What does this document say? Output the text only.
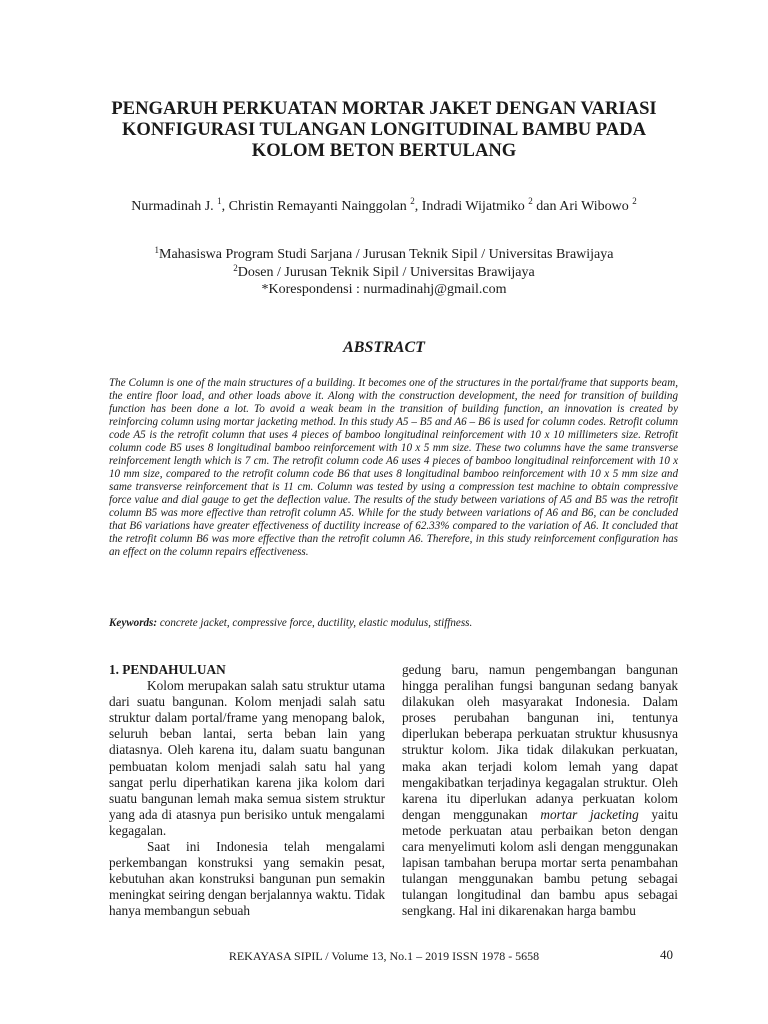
PENGARUH PERKUATAN MORTAR JAKET DENGAN VARIASI
KONFIGURASI TULANGAN LONGITUDINAL BAMBU PADA
KOLOM BETON BERTULANG
Nurmadinah J. $^1$, Christin Remayanti Nainggolan $^2$, Indradi Wijatmiko $^2$ dan Ari Wibowo $^2$
$^1$Mahasiswa Program Studi Sarjana / Jurusan Teknik Sipil / Universitas Brawijaya
$^2$Dosen / Jurusan Teknik Sipil / Universitas Brawijaya
*Korespondensi : nurmadinahj@gmail.com
ABSTRACT

The Column is one of the main structures of a building. It becomes one of the structures in the portal/frame that supports beam, the entire floor load, and other loads above it. Along with the construction development, the need for transition of building function has been done a lot. To avoid a weak beam in the transition of building function, an innovation is created by reinforcing column using mortar jacketing method. In this study A5 – B5 and A6 – B6 is used for column codes. Retrofit column code A5 is the retrofit column that uses 4 pieces of bamboo longitudinal reinforcement with 10 x 10 millimeters size. Retrofit column code B5 uses 8 longitudinal bamboo reinforcement with 10 x 5 mm size. These two columns have the same transverse reinforcement length which is 7 cm. The retrofit column code A6 uses 4 pieces of bamboo longitudinal reinforcement with 10 x 10 mm size, compared to the retrofit column code B6 that uses 8 longitudinal bamboo reinforcement with 10 x 5 mm size and same transverse reinforcement that is 11 cm. Column was tested by using a compression test machine to obtain compressive force value and dial gauge to get the deflection value. The results of the study between variations of A5 and B5 was the retrofit column B5 was more effective than retrofit column A5. While for the study between variations of A6 and B6, can be concluded that B6 variations have greater effectiveness of ductility increase of 62.33% compared to the variation of A6. It concluded that the retrofit column B6 was more effective than the retrofit column A6. Therefore, in this study reinforcement configuration has an effect on the column repairs effectiveness.

Keywords: concrete jacket, compressive force, ductility, elastic modulus, stiffness.

1. PENDAHULUAN

Kolom merupakan salah satu struktur utama dari suatu bangunan. Kolom menjadi salah satu struktur dalam portal/frame yang menopang balok, seluruh beban lantai, serta beban lain yang diatasnya. Oleh karena itu, dalam suatu bangunan pembuatan kolom menjadi salah satu hal yang sangat perlu diperhatikan karena jika kolom dari suatu bangunan lemah maka semua sistem struktur yang ada di atasnya pun berisiko untuk mengalami kegagalan.

Saat ini Indonesia telah mengalami perkembangan konstruksi yang semakin pesat, kebutuhan akan konstruksi bangunan pun semakin meningkat seiring dengan berjalannya waktu. Tidak hanya membangun sebuah

gedung baru, namun pengembangan bangunan hingga peralihan fungsi bangunan sedang banyak dilakukan oleh masyarakat Indonesia. Dalam proses perubahan bangunan ini, tentunya diperlukan beberapa perkuatan struktur khususnya struktur kolom. Jika tidak dilakukan perkuatan, maka akan terjadi kolom lemah yang dapat mengakibatkan terjadinya kegagalan struktur. Oleh karena itu diperlukan adanya perkuatan kolom dengan menggunakan mortar jacketing yaitu metode perkuatan atau perbaikan beton dengan cara menyelimuti kolom asli dengan menggunakan lapisan tambahan berupa mortar serta penambahan tulangan menggunakan bambu petung sebagai tulangan longitudinal dan bambu apus sebagai sengkang. Hal ini dikarenakan harga bambu

REKAYASA SIPIL / Volume 13, No.1 – 2019 ISSN 1978 - 5658	40
